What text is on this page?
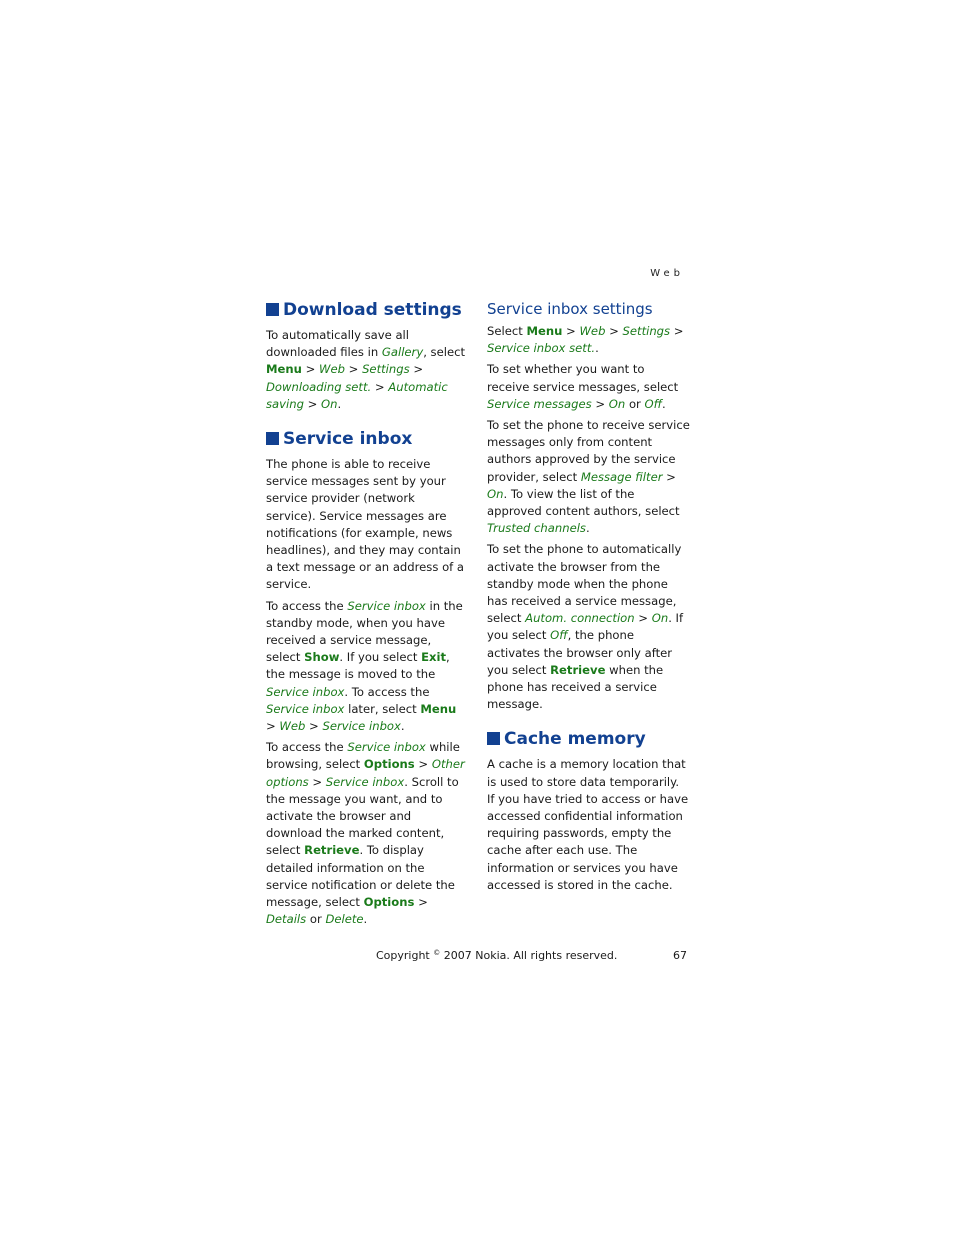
Web
Download settings

To automatically save all downloaded files in Gallery, select Menu > Web > Settings > Downloading sett. > Automatic saving > On.

Service inbox

The phone is able to receive service messages sent by your service provider (network service). Service messages are notifications (for example, news headlines), and they may contain a text message or an address of a service.

To access the Service inbox in the standby mode, when you have received a service message, select Show. If you select Exit, the message is moved to the Service inbox. To access the Service inbox later, select Menu > Web > Service inbox.

To access the Service inbox while browsing, select Options > Other options > Service inbox. Scroll to the message you want, and to activate the browser and download the marked content, select Retrieve. To display detailed information on the service notification or delete the message, select Options > Details or Delete.

Service inbox settings

Select Menu > Web > Settings > Service inbox sett..

To set whether you want to receive service messages, select Service messages > On or Off.

To set the phone to receive service messages only from content authors approved by the service provider, select Message filter > On. To view the list of the approved content authors, select Trusted channels.

To set the phone to automatically activate the browser from the standby mode when the phone has received a service message, select Autom. connection > On. If you select Off, the phone activates the browser only after you select Retrieve when the phone has received a service message.

Cache memory

A cache is a memory location that is used to store data temporarily. If you have tried to access or have accessed confidential information requiring passwords, empty the cache after each use. The information or services you have accessed is stored in the cache.

Copyright © 2007 Nokia. All rights reserved.	67
